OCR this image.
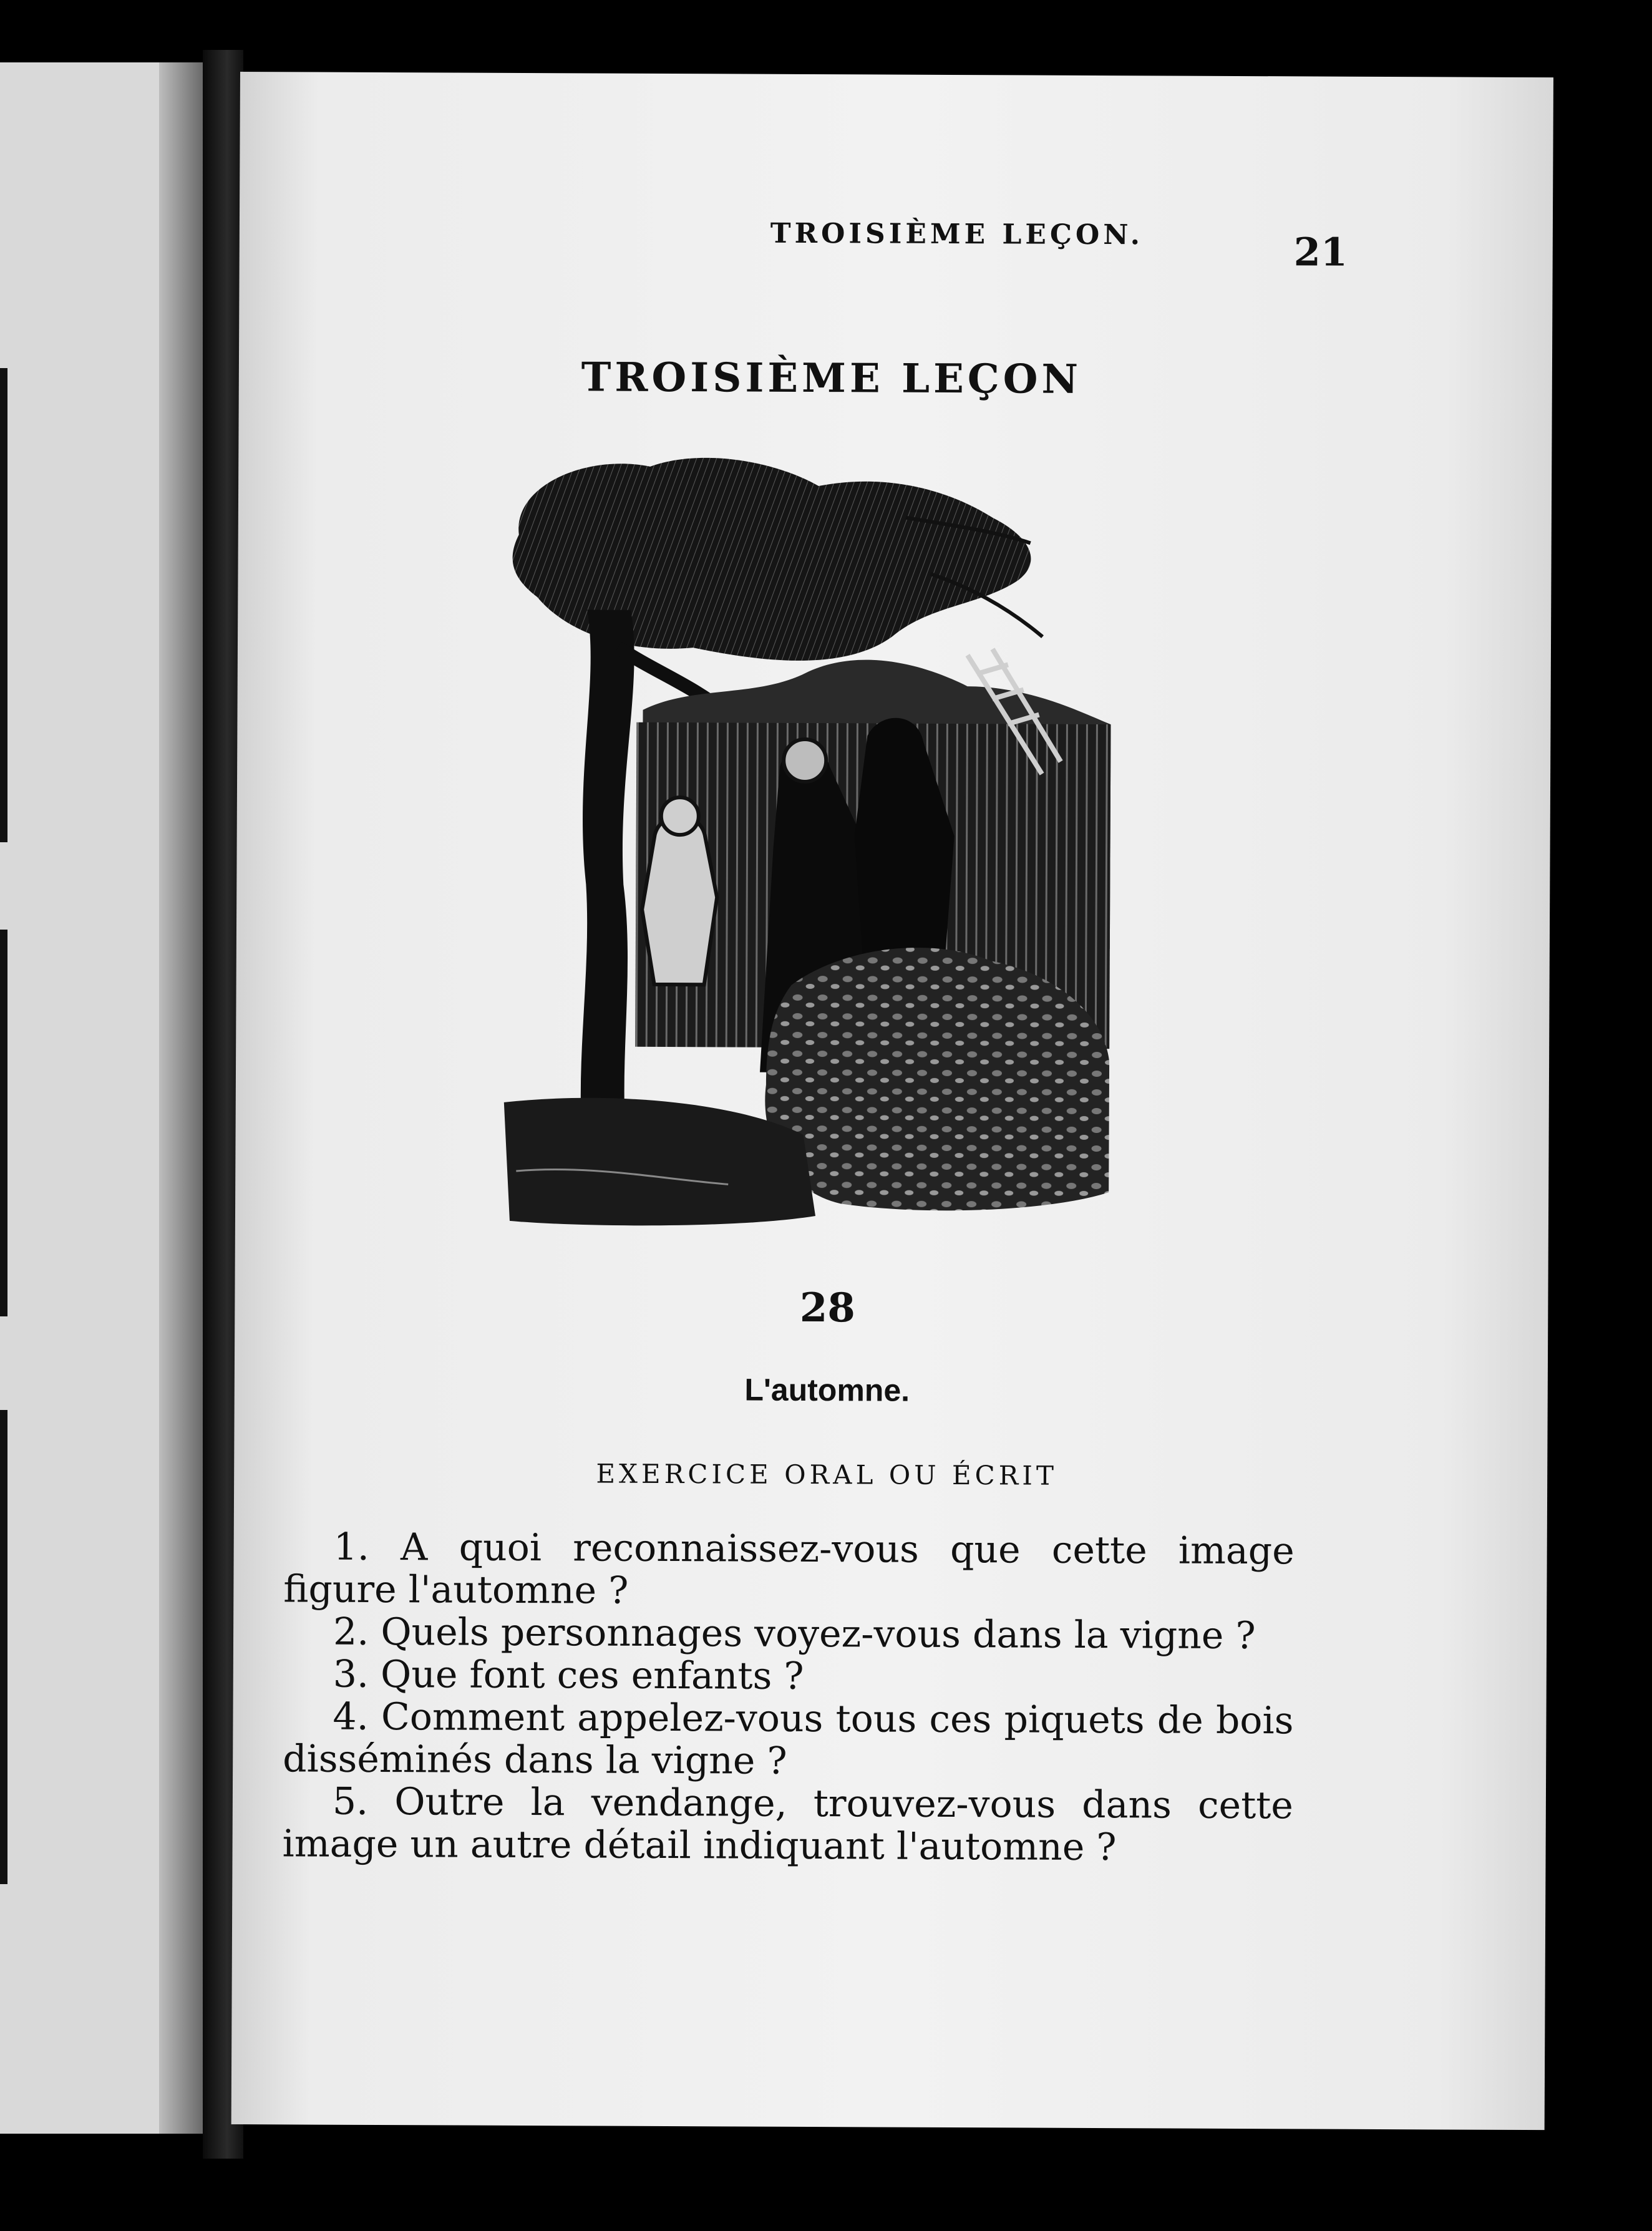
TROISIÈME LEÇON.	21
TROISIÈME LEÇON
28
L'automne.
EXERCICE ORAL OU ÉCRIT

1. A quoi reconnaissez-vous que cette image figure l'automne ?

2. Quels personnages voyez-vous dans la vigne ?

3. Que font ces enfants ?

4. Comment appelez-vous tous ces piquets de bois disséminés dans la vigne ?

5. Outre la vendange, trouvez-vous dans cette image un autre détail indiquant l'automne ?
